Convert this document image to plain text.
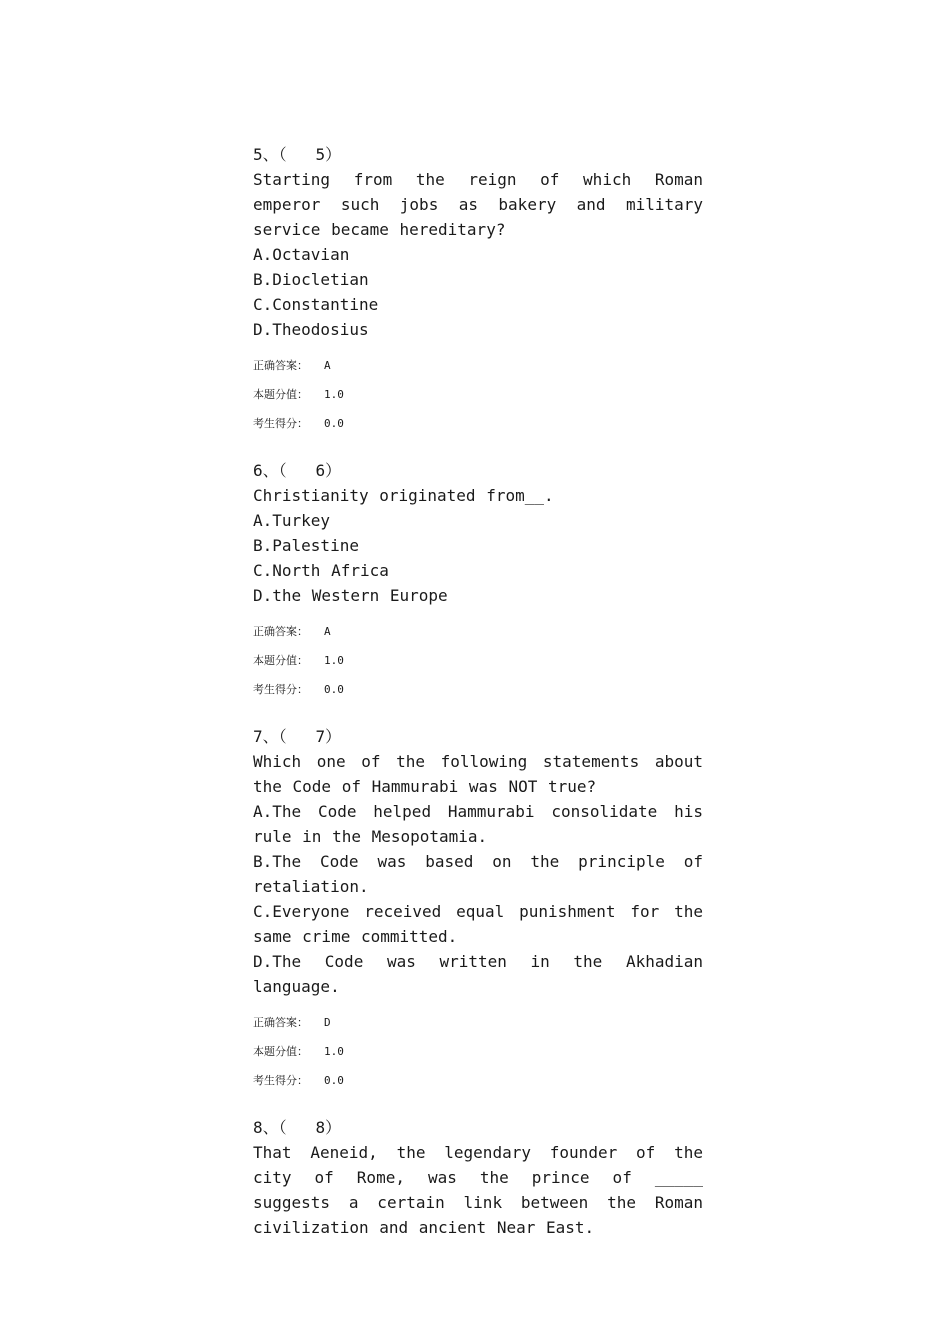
5、（   5）

Starting from the reign of which Roman emperor such jobs as bakery and military service became hereditary?

A.Octavian

B.Diocletian

C.Constantine

D.Theodosius

正确答案：	A
本题分值：	1.0
考生得分：	0.0
6、（   6）

Christianity originated from__.

A.Turkey

B.Palestine

C.North Africa

D.the Western Europe

正确答案：	A
本题分值：	1.0
考生得分：	0.0
7、（   7）

Which one of the following statements about the Code of Hammurabi was NOT true?

A.The Code helped Hammurabi consolidate his rule in the Mesopotamia.

B.The Code was based on the principle of retaliation.

C.Everyone received equal punishment for the same crime committed.

D.The Code was written in the Akhadian language.

正确答案：	D
本题分值：	1.0
考生得分：	0.0
8、（   8）

That Aeneid, the legendary founder of the city of Rome, was the prince of _____ suggests a certain link between the Roman civilization and ancient Near East.
